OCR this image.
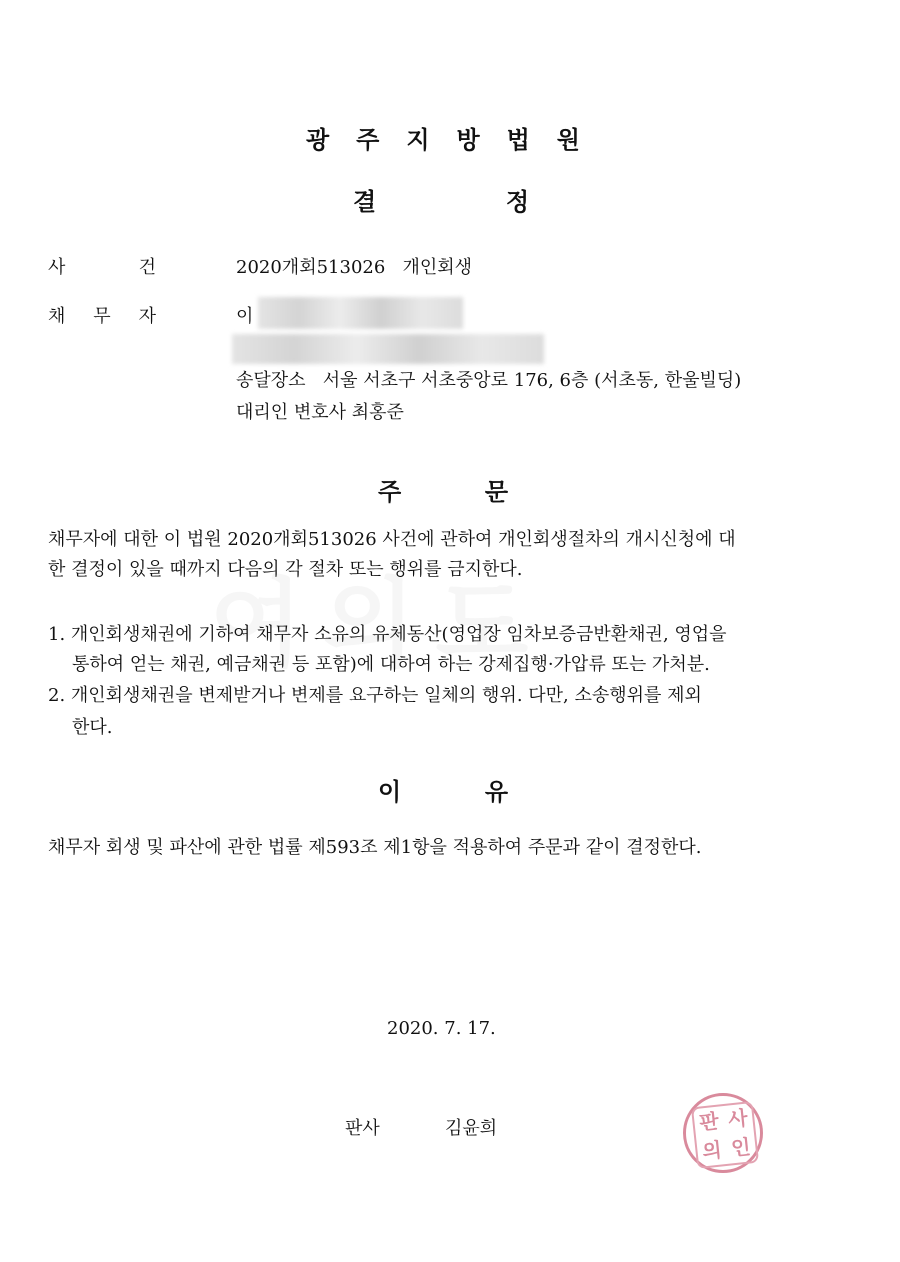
광 주 지 방 법 원
결	정
사	건	2020개회513026   개인회생
채 무 자	이
송달장소   서울 서초구 서초중앙로 176, 6층 (서초동, 한울빌딩)
대리인 변호사 최홍준
주	문
채무자에 대한 이 법원 2020개회513026 사건에 관하여 개인회생절차의 개시신청에 대
한 결정이 있을 때까지 다음의 각 절차 또는 행위를 금지한다.
1. 개인회생채권에 기하여 채무자 소유의 유체동산(영업장 임차보증금반환채권, 영업을
통하여 얻는 채권, 예금채권 등 포함)에 대하여 하는 강제집행·가압류 또는 가처분.
2. 개인회생채권을 변제받거나 변제를 요구하는 일체의 행위. 다만, 소송행위를 제외
한다.
이	유
채무자 회생 및 파산에 관한 법률 제593조 제1항을 적용하여 주문과 같이 결정한다.
2020. 7. 17.
판사	김윤희	판 사
의 인
